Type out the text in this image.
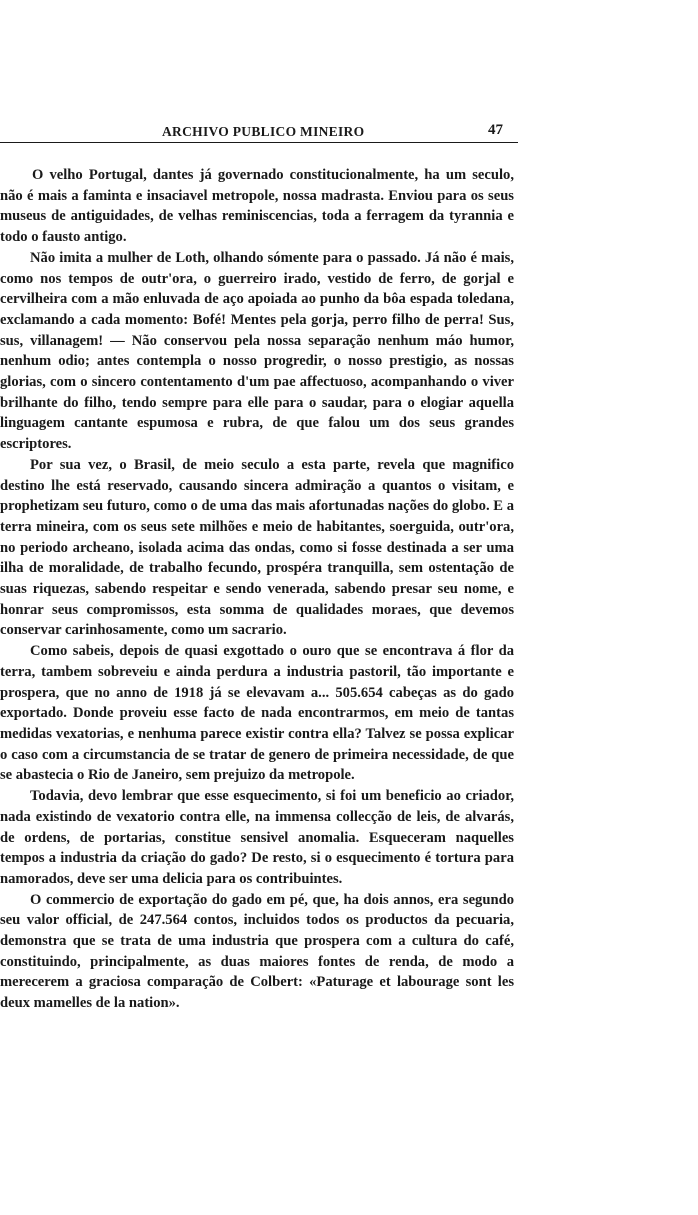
ARCHIVO PUBLICO MINEIRO	47

O velho Portugal, dantes já governado constitucionalmente, ha um seculo, não é mais a faminta e insaciavel metropole, nossa madrasta. Enviou para os seus museus de antiguidades, de velhas reminiscencias, toda a ferragem da tyrannia e todo o fausto antigo.

Não imita a mulher de Loth, olhando sómente para o passado. Já não é mais, como nos tempos de outr'ora, o guerreiro irado, vestido de ferro, de gorjal e cervilheira com a mão enluvada de aço apoiada ao punho da bôa espada toledana, exclamando a cada momento: Bofé! Mentes pela gorja, perro filho de perra! Sus, sus, villanagem! — Não conservou pela nossa separação nenhum máo humor, nenhum odio; antes contempla o nosso progredir, o nosso prestigio, as nossas glorias, com o sincero contentamento d'um pae affectuoso, acompanhando o viver brilhante do filho, tendo sempre para elle para o saudar, para o elogiar aquella linguagem cantante espumosa e rubra, de que falou um dos seus grandes escriptores.

Por sua vez, o Brasil, de meio seculo a esta parte, revela que magnifico destino lhe está reservado, causando sincera admiração a quantos o visitam, e prophetizam seu futuro, como o de uma das mais afortunadas nações do globo. E a terra mineira, com os seus sete milhões e meio de habitantes, soerguida, outr'ora, no periodo archeano, isolada acima das ondas, como si fosse destinada a ser uma ilha de moralidade, de trabalho fecundo, prospéra tranquilla, sem ostentação de suas riquezas, sabendo respeitar e sendo venerada, sabendo presar seu nome, e honrar seus compromissos, esta somma de qualidades moraes, que devemos conservar carinhosamente, como um sacrario.

Como sabeis, depois de quasi exgottado o ouro que se encontrava á flor da terra, tambem sobreveiu e ainda perdura a industria pastoril, tão importante e prospera, que no anno de 1918 já se elevavam a... 505.654 cabeças as do gado exportado. Donde proveiu esse facto de nada encontrarmos, em meio de tantas medidas vexatorias, e nenhuma parece existir contra ella? Talvez se possa explicar o caso com a circumstancia de se tratar de genero de primeira necessidade, de que se abastecia o Rio de Janeiro, sem prejuizo da metropole.

Todavia, devo lembrar que esse esquecimento, si foi um beneficio ao criador, nada existindo de vexatorio contra elle, na immensa collecção de leis, de alvarás, de ordens, de portarias, constitue sensivel anomalia. Esqueceram naquelles tempos a industria da criação do gado? De resto, si o esquecimento é tortura para namorados, deve ser uma delicia para os contribuintes.

O commercio de exportação do gado em pé, que, ha dois annos, era segundo seu valor official, de 247.564 contos, incluidos todos os productos da pecuaria, demonstra que se trata de uma industria que prospera com a cultura do café, constituindo, principalmente, as duas maiores fontes de renda, de modo a merecerem a graciosa comparação de Colbert: «Paturage et labourage sont les deux mamelles de la nation».
